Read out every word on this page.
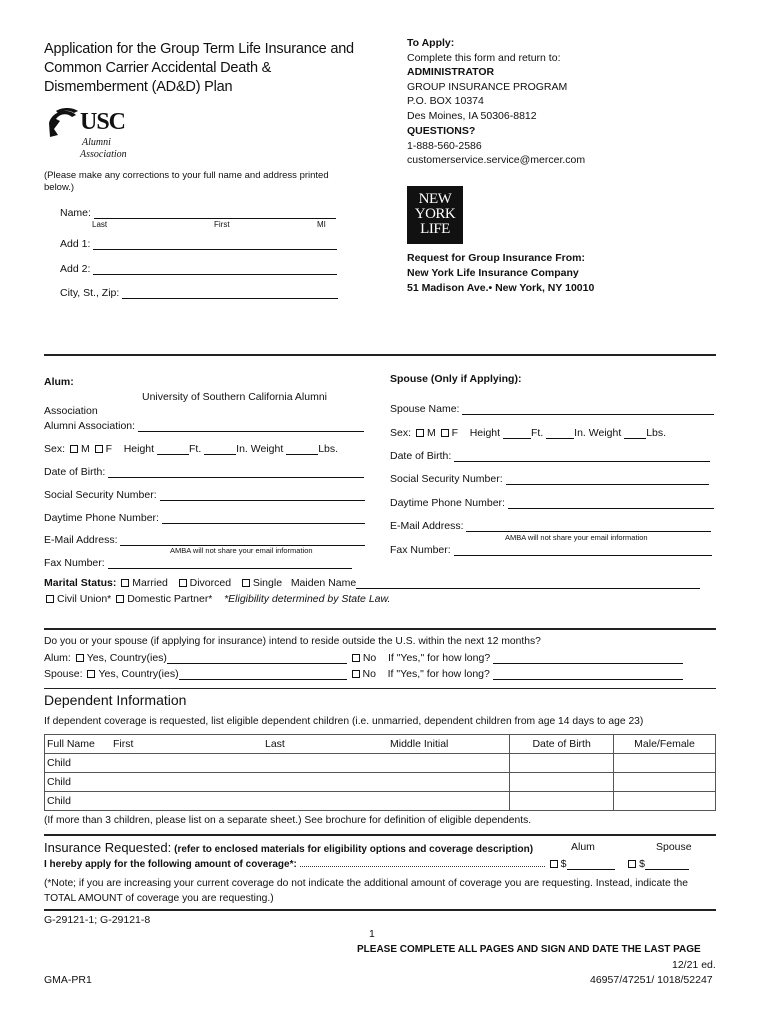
Application for the Group Term Life Insurance and Common Carrier Accidental Death & Dismemberment (AD&D) Plan
USC
Alumni
Association
(Please make any corrections to your full name and address printed below.)
Name:
Last	First	MI
Add 1:
Add 2:
City, St., Zip:
To Apply:
Complete this form and return to:
ADMINISTRATOR
GROUP INSURANCE PROGRAM
P.O. BOX 10374
Des Moines, IA 50306-8812
QUESTIONS?
1-888-560-2586
customerservice.service@mercer.com
NEW
YORK
LIFE
Request for Group Insurance From:
New York Life Insurance Company
51 Madison Ave.• New York, NY 10010
Alum:
University of Southern California Alumni
Association
Alumni Association:
Sex: M F Height	Ft.	In. Weight	Lbs.
Date of Birth:
Social Security Number:
Daytime Phone Number:
E-Mail Address:
AMBA will not share your email information
Fax Number:
Spouse (Only if Applying):
Spouse Name:
Sex: M F Height	Ft.	In. Weight Lbs.
Date of Birth:
Social Security Number:
Daytime Phone Number:
E-Mail Address:
AMBA will not share your email information
Fax Number:
Marital Status: Married Divorced Single Maiden Name
Civil Union* Domestic Partner* *Eligibility determined by State Law.
Do you or your spouse (if applying for insurance) intend to reside outside the U.S. within the next 12 months?
Alum: Yes, Country(ies)	No If "Yes," for how long?
Spouse: Yes, Country(ies)	No If "Yes," for how long?
Dependent Information
If dependent coverage is requested, list eligible dependent children (i.e. unmarried, dependent children from age 14 days to age 23)
Full Name First Last Middle Initial	Date of Birth	Male/Female
Child		
Child		
Child		
(If more than 3 children, please list on a separate sheet.) See brochure for definition of eligible dependents.
Insurance Requested: (refer to enclosed materials for eligibility options and coverage description)	Alum	Spouse
I hereby apply for the following amount of coverage*:	$	$
(*Note; if you are increasing your current coverage do not indicate the additional amount of coverage you are requesting. Instead, indicate the TOTAL AMOUNT of coverage you are requesting.)
G-29121-1; G-29121-8
1
PLEASE COMPLETE ALL PAGES AND SIGN AND DATE THE LAST PAGE
12/21 ed.
GMA-PR1	46957/47251/ 1018/52247
